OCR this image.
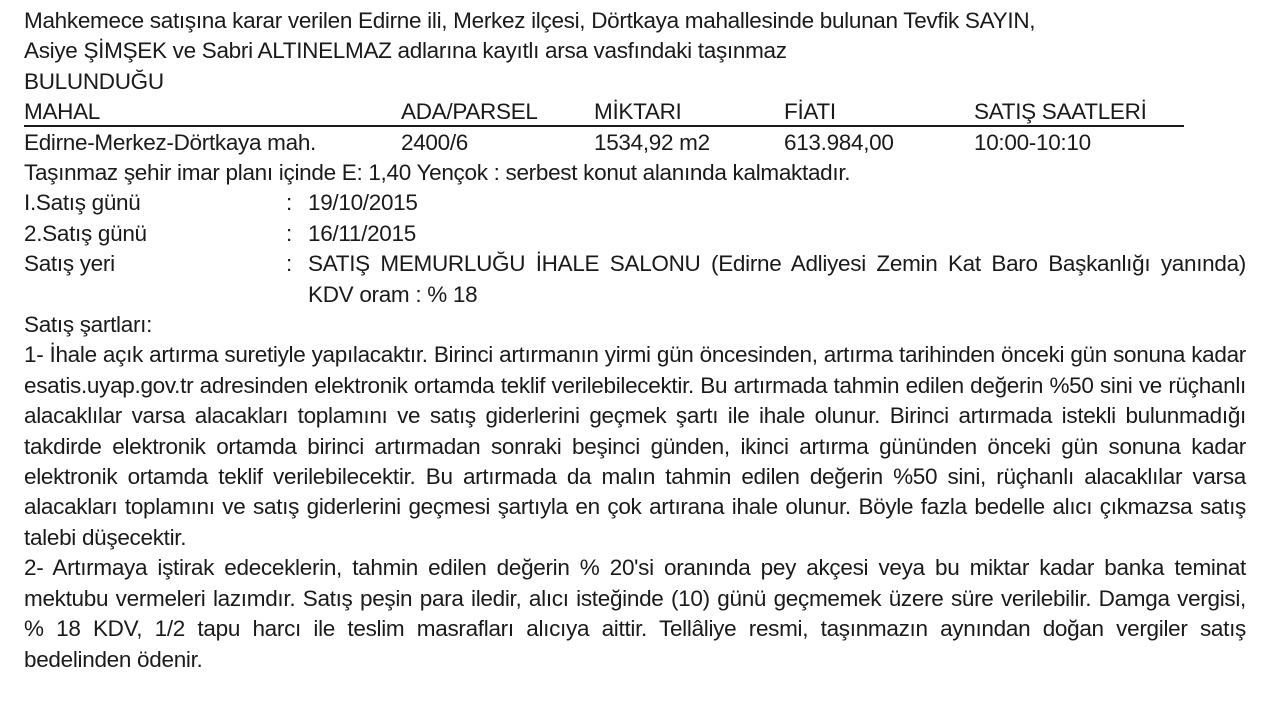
Mahkemece satışına karar verilen Edirne ili, Merkez ilçesi, Dörtkaya mahallesinde bulunan Tevfik SAYIN,
Asiye ŞİMŞEK ve Sabri ALTINELMAZ adlarına kayıtlı arsa vasfındaki taşınmaz
BULUNDUĞU
MAHAL	ADA/PARSEL	MİKTARI	FİATI	SATIŞ SAATLERİ
Edirne-Merkez-Dörtkaya mah.	2400/6	1534,92 m2	613.984,00	10:00-10:10
Taşınmaz şehir imar planı içinde E: 1,40 Yençok : serbest konut alanında kalmaktadır.
I.Satış günü	: 19/10/2015
2.Satış günü	: 16/11/2015
Satış yeri	: SATIŞ MEMURLUĞU İHALE SALONU (Edirne Adliyesi Zemin Kat Baro Başkanlığı yanında) KDV oram : % 18
Satış şartları:
1- İhale açık artırma suretiyle yapılacaktır. Birinci artırmanın yirmi gün öncesinden, artırma tarihinden önceki gün sonuna kadar esatis.uyap.gov.tr adresinden elektronik ortamda teklif verilebilecektir. Bu artırmada tahmin edilen değerin %50 sini ve rüçhanlı alacaklılar varsa alacakları toplamını ve satış giderlerini geçmek şartı ile ihale olunur. Birinci artırmada istekli bulunmadığı takdirde elektronik ortamda birinci artırmadan sonraki beşinci günden, ikinci artırma gününden önceki gün sonuna kadar elektronik ortamda teklif verilebilecektir. Bu artırmada da malın tahmin edilen değerin %50 sini, rüçhanlı alacaklılar varsa alacakları toplamını ve satış giderlerini geçmesi şartıyla en çok artırana ihale olunur. Böyle fazla bedelle alıcı çıkmazsa satış talebi düşecektir.
2- Artırmaya iştirak edeceklerin, tahmin edilen değerin % 20'si oranında pey akçesi veya bu miktar kadar banka teminat mektubu vermeleri lazımdır. Satış peşin para iledir, alıcı isteğinde (10) günü geçmemek üzere süre verilebilir. Damga vergisi, % 18 KDV, 1/2 tapu harcı ile teslim masrafları alıcıya aittir. Tellâliye resmi, taşınmazın aynından doğan vergiler satış bedelinden ödenir.
